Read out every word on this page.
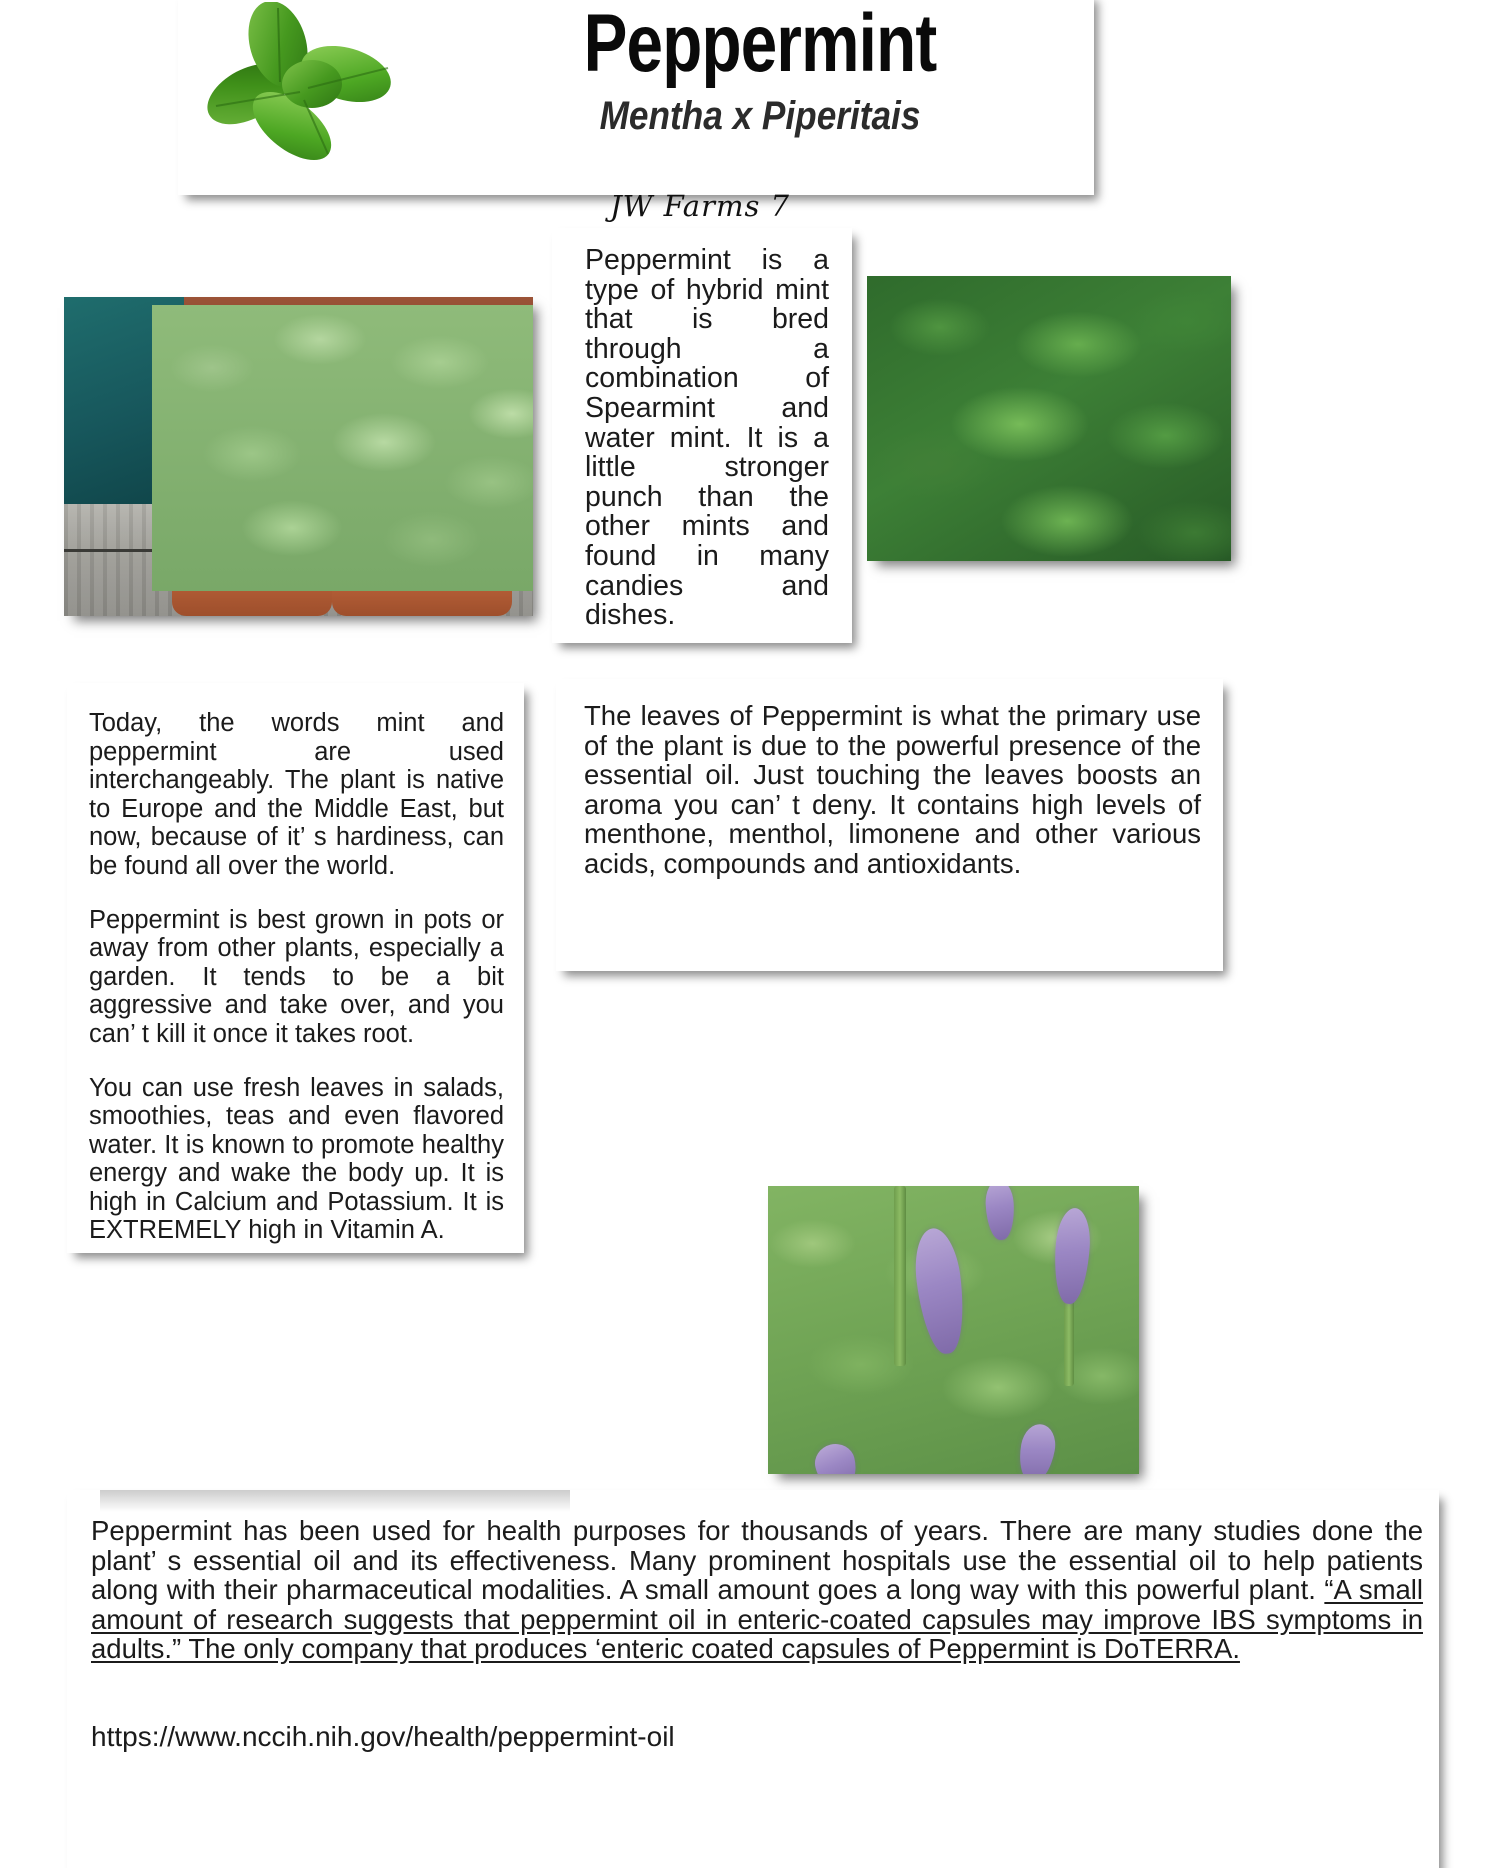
Peppermint
Mentha x Piperitais
JW Farms 7

Peppermint is a type of hybrid mint that is bred through a combination of Spearmint and water mint. It is a little stronger punch than the other mints and found in many candies and dishes.

Today, the words mint and peppermint are used interchangeably. The plant is native to Europe and the Middle East, but now, because of it’ s hardiness, can be found all over the world.

Peppermint is best grown in pots or away from other plants, especially a garden. It tends to be a bit aggressive and take over, and you can’ t kill it once it takes root.

You can use fresh leaves in salads, smoothies, teas and even flavored water. It is known to promote healthy energy and wake the body up. It is high in Calcium and Potassium. It is EXTREMELY high in Vitamin A.

The leaves of Peppermint is what the primary use of the plant is due to the powerful presence of the essential oil. Just touching the leaves boosts an aroma you can’ t deny. It contains high levels of menthone, menthol, limonene and other various acids, compounds and antioxidants.

Peppermint has been used for health purposes for thousands of years. There are many studies done the plant’ s essential oil and its effectiveness. Many prominent hospitals use the essential oil to help patients along with their pharmaceutical modalities. A small amount goes a long way with this powerful plant. “A small amount of research suggests that peppermint oil in enteric-coated capsules may improve IBS symptoms in adults.” The only company that produces ‘enteric coated capsules of Peppermint is DoTERRA.

https://www.nccih.nih.gov/health/peppermint-oil
